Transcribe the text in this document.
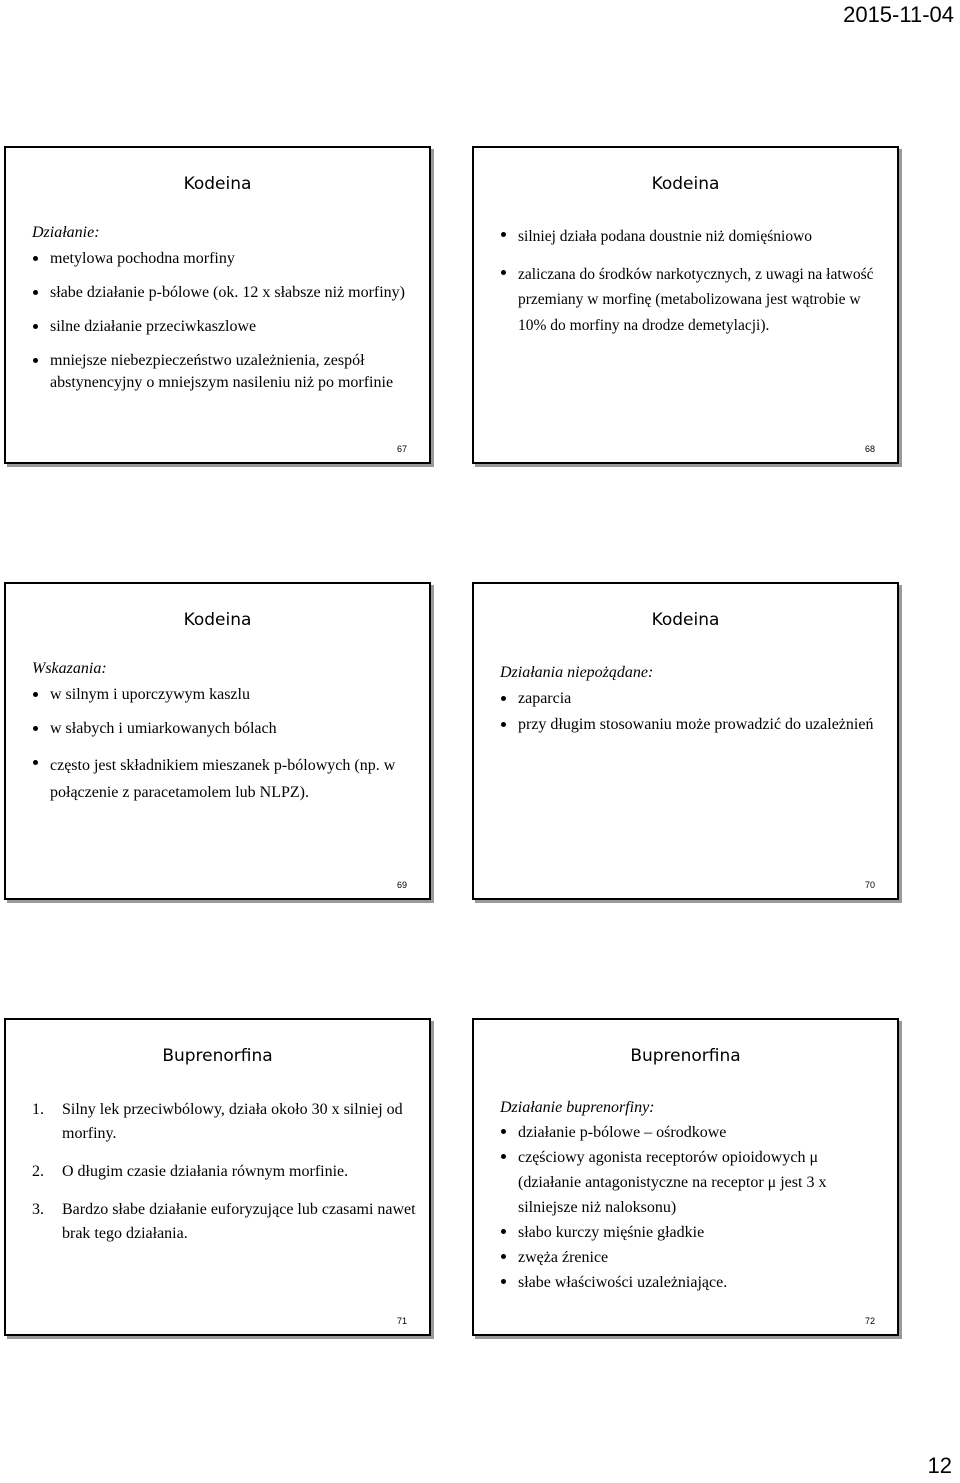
2015-11-04
Kodeina
Działanie:
metylowa pochodna morfiny
słabe działanie p-bólowe (ok. 12 x słabsze niż morfiny)
silne działanie przeciwkaszlowe
mniejsze niebezpieczeństwo uzależnienia, zespół abstynencyjny o mniejszym nasileniu niż po morfinie
67
Kodeina
silniej działa podana doustnie niż domięśniowo
zaliczana do środków narkotycznych, z uwagi na łatwość przemiany w morfinę (metabolizowana jest wątrobie w 10% do morfiny na drodze demetylacji).
68
Kodeina
Wskazania:
w silnym i uporczywym kaszlu
w słabych i umiarkowanych bólach
często jest składnikiem mieszanek p-bólowych (np. w połączenie z paracetamolem lub NLPZ).
69
Kodeina
Działania niepożądane:
zaparcia
przy długim stosowaniu może prowadzić do uzależnień
70
Buprenorfina
1. Silny lek przeciwbólowy, działa około 30 x silniej od morfiny.
2. O długim czasie działania równym morfinie.
3. Bardzo słabe działanie euforyzujące lub czasami nawet brak tego działania.
71
Buprenorfina
Działanie buprenorfiny:
działanie p-bólowe – ośrodkowe
częściowy agonista receptorów opioidowych μ (działanie antagonistyczne na receptor μ jest 3 x silniejsze niż naloksonu)
słabo kurczy mięśnie gładkie
zwęża źrenice
słabe właściwości uzależniające.
72
12
